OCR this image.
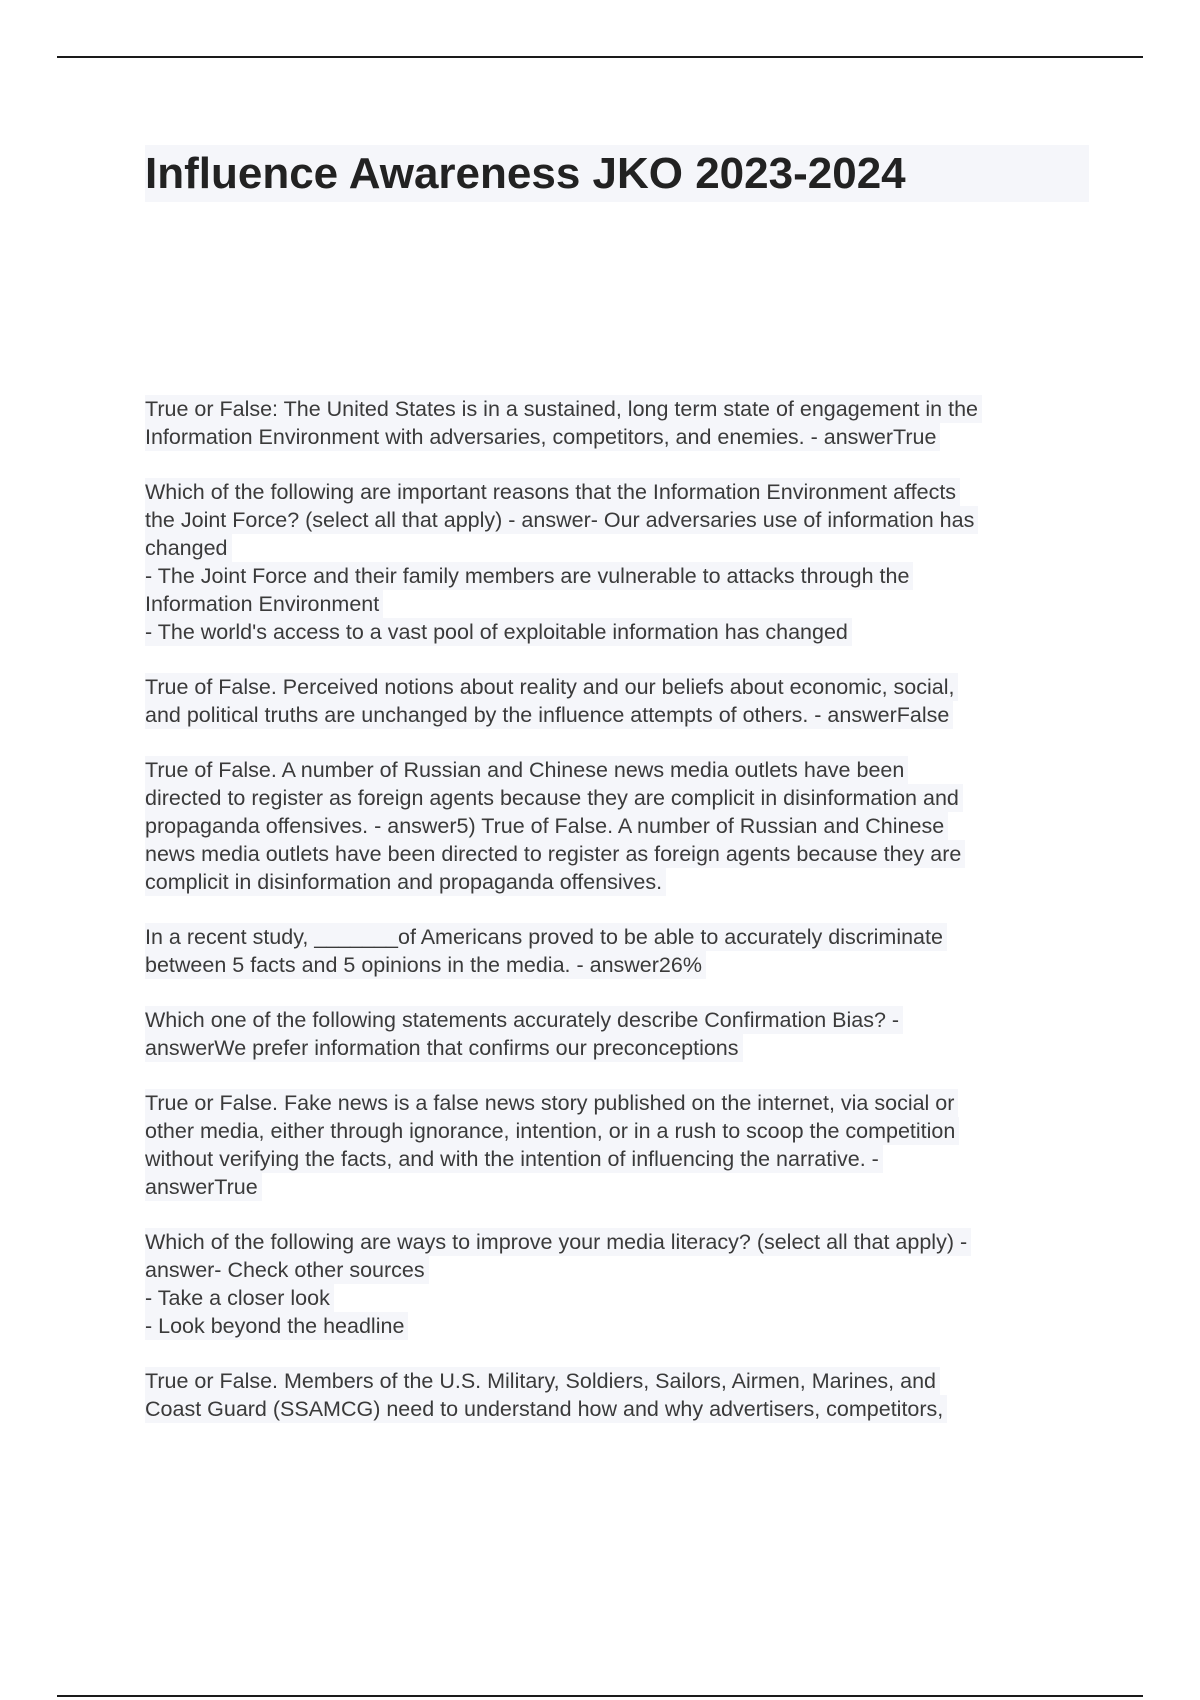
Influence Awareness JKO 2023-2024
True or False: The United States is in a sustained, long term state of engagement in the
Information Environment with adversaries, competitors, and enemies. - answerTrue
Which of the following are important reasons that the Information Environment affects
the Joint Force? (select all that apply) - answer- Our adversaries use of information has
changed
- The Joint Force and their family members are vulnerable to attacks through the
Information Environment
- The world's access to a vast pool of exploitable information has changed
True of False. Perceived notions about reality and our beliefs about economic, social,
and political truths are unchanged by the influence attempts of others. - answerFalse
True of False. A number of Russian and Chinese news media outlets have been
directed to register as foreign agents because they are complicit in disinformation and
propaganda offensives. - answer5) True of False. A number of Russian and Chinese
news media outlets have been directed to register as foreign agents because they are
complicit in disinformation and propaganda offensives.
In a recent study, _______of Americans proved to be able to accurately discriminate
between 5 facts and 5 opinions in the media. - answer26%
Which one of the following statements accurately describe Confirmation Bias? -
answerWe prefer information that confirms our preconceptions
True or False. Fake news is a false news story published on the internet, via social or
other media, either through ignorance, intention, or in a rush to scoop the competition
without verifying the facts, and with the intention of influencing the narrative. -
answerTrue
Which of the following are ways to improve your media literacy? (select all that apply) -
answer- Check other sources
- Take a closer look
- Look beyond the headline
True or False. Members of the U.S. Military, Soldiers, Sailors, Airmen, Marines, and
Coast Guard (SSAMCG) need to understand how and why advertisers, competitors,
